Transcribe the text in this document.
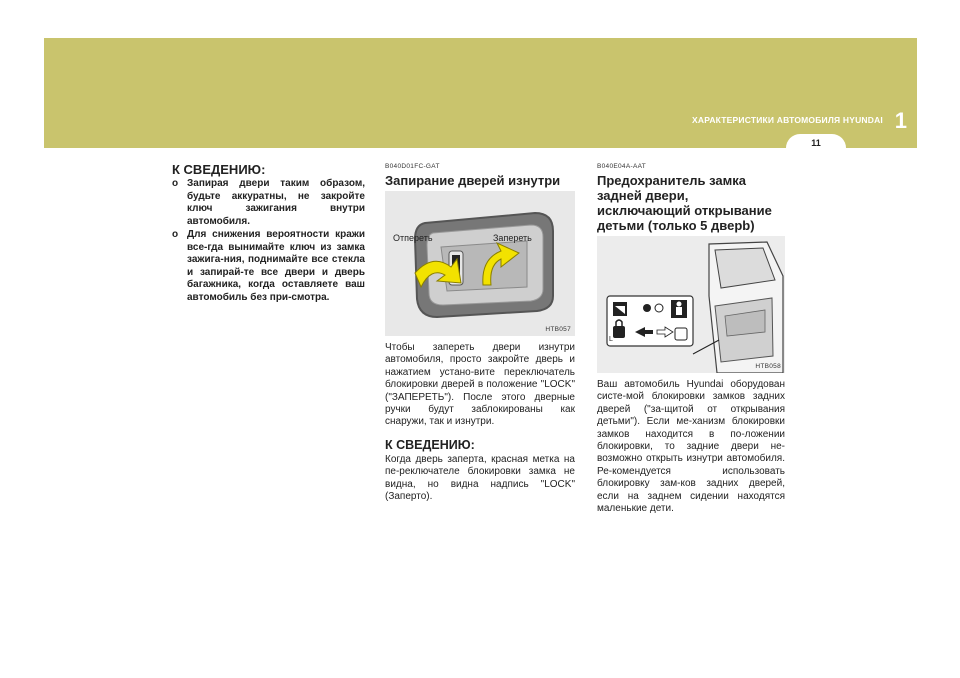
ХАРАКТЕРИСТИКИ АВТОМОБИЛЯ HYUNDAI 1
11
К СВЕДЕНИЮ:
o Запирая двери таким образом, будьте аккуратны, не закройте ключ зажигания внутри автомобиля.
o Для снижения вероятности кражи все-гда вынимайте ключ из замка зажига-ния, поднимайте все стекла и запирай-те все двери и дверь багажника, когда оставляете ваш автомобиль без при-смотра.
B040D01FC-GAT
Запирание дверей изнутри
Отпереть	Запереть
HTB057

Чтобы запереть двери изнутри автомобиля, просто закройте дверь и нажатием устано-вите переключатель блокировки дверей в положение "LOCK" ("ЗАПЕРЕТЬ"). После этого дверные ручки будут заблокированы как снаружи, так и изнутри.

К СВЕДЕНИЮ:

Когда дверь заперта, красная метка на пе-реключателе блокировки замка не видна, но видна надпись "LOCK" (Заперто).

B040E04A-AAT
Предохранитель замка задней двери, исключающий открывание детьми (только 5 дверb)
L
HTB058

Ваш автомобиль Hyundai оборудован систе-мой блокировки замков задних дверей ("за-щитой от открывания детьми"). Если ме-ханизм блокировки замков находится в по-ложении блокировки, то задние двери не-возможно открыть изнутри автомобиля. Ре-комендуется использовать блокировку зам-ков задних дверей, если на заднем сидении находятся маленькие дети.
